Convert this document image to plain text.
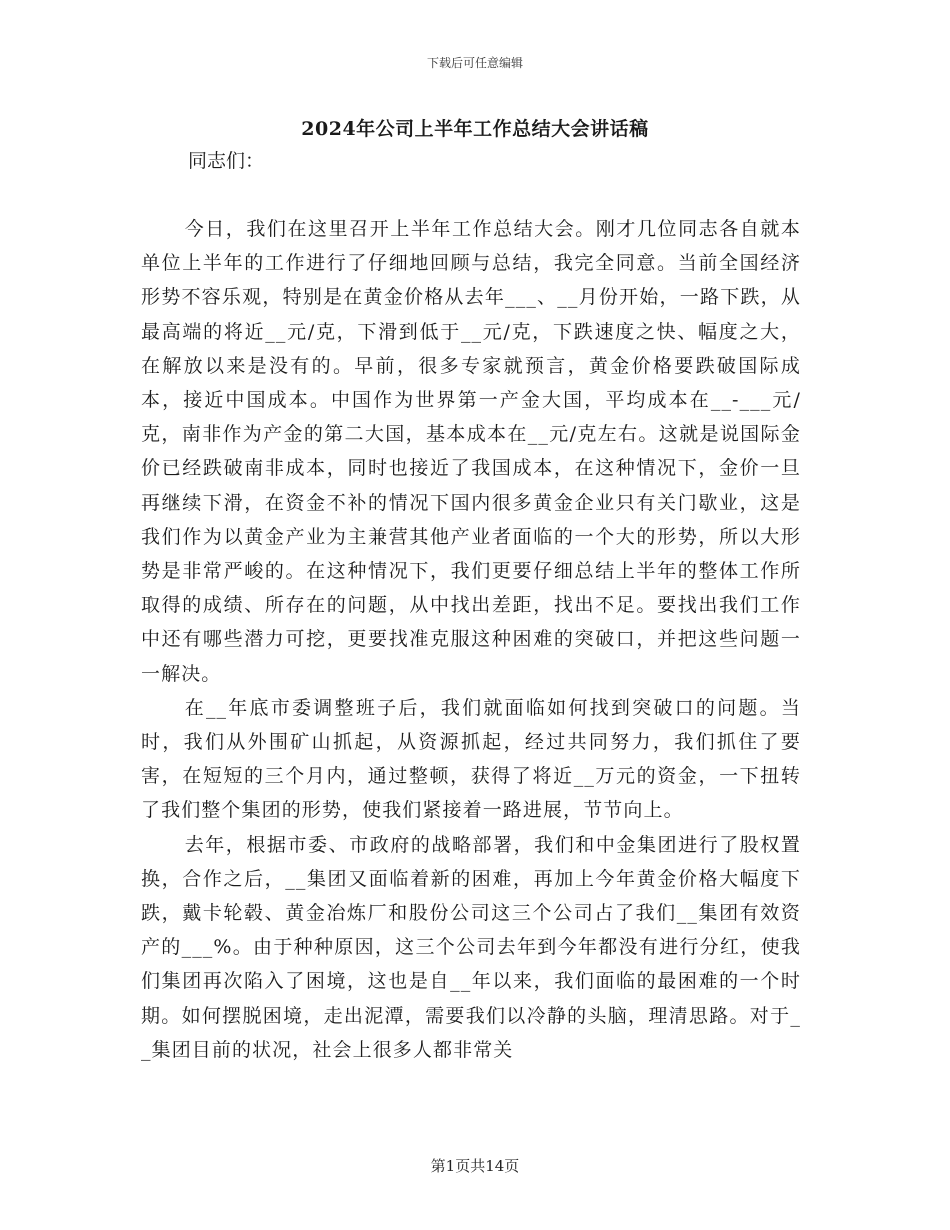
下载后可任意编辑
2024年公司上半年工作总结大会讲话稿
同志们：

今日，我们在这里召开上半年工作总结大会。刚才几位同志各自就本单位上半年的工作进行了仔细地回顾与总结，我完全同意。当前全国经济形势不容乐观，特别是在黄金价格从去年___、__月份开始，一路下跌，从最高端的将近__元/克，下滑到低于__元/克，下跌速度之快、幅度之大，在解放以来是没有的。早前，很多专家就预言，黄金价格要跌破国际成本，接近中国成本。中国作为世界第一产金大国，平均成本在__-___元/克，南非作为产金的第二大国，基本成本在__元/克左右。这就是说国际金价已经跌破南非成本，同时也接近了我国成本，在这种情况下，金价一旦再继续下滑，在资金不补的情况下国内很多黄金企业只有关门歇业，这是我们作为以黄金产业为主兼营其他产业者面临的一个大的形势，所以大形势是非常严峻的。在这种情况下，我们更要仔细总结上半年的整体工作所取得的成绩、所存在的问题，从中找出差距，找出不足。要找出我们工作中还有哪些潜力可挖，更要找准克服这种困难的突破口，并把这些问题一一解决。

在__年底市委调整班子后，我们就面临如何找到突破口的问题。当时，我们从外围矿山抓起，从资源抓起，经过共同努力，我们抓住了要害，在短短的三个月内，通过整顿，获得了将近__万元的资金，一下扭转了我们整个集团的形势，使我们紧接着一路进展，节节向上。

去年，根据市委、市政府的战略部署，我们和中金集团进行了股权置换，合作之后，__集团又面临着新的困难，再加上今年黄金价格大幅度下跌，戴卡轮毂、黄金冶炼厂和股份公司这三个公司占了我们__集团有效资产的___%。由于种种原因，这三个公司去年到今年都没有进行分红，使我们集团再次陷入了困境，这也是自__年以来，我们面临的最困难的一个时期。如何摆脱困境，走出泥潭，需要我们以冷静的头脑，理清思路。对于__集团目前的状况，社会上很多人都非常关

第1页共14页
